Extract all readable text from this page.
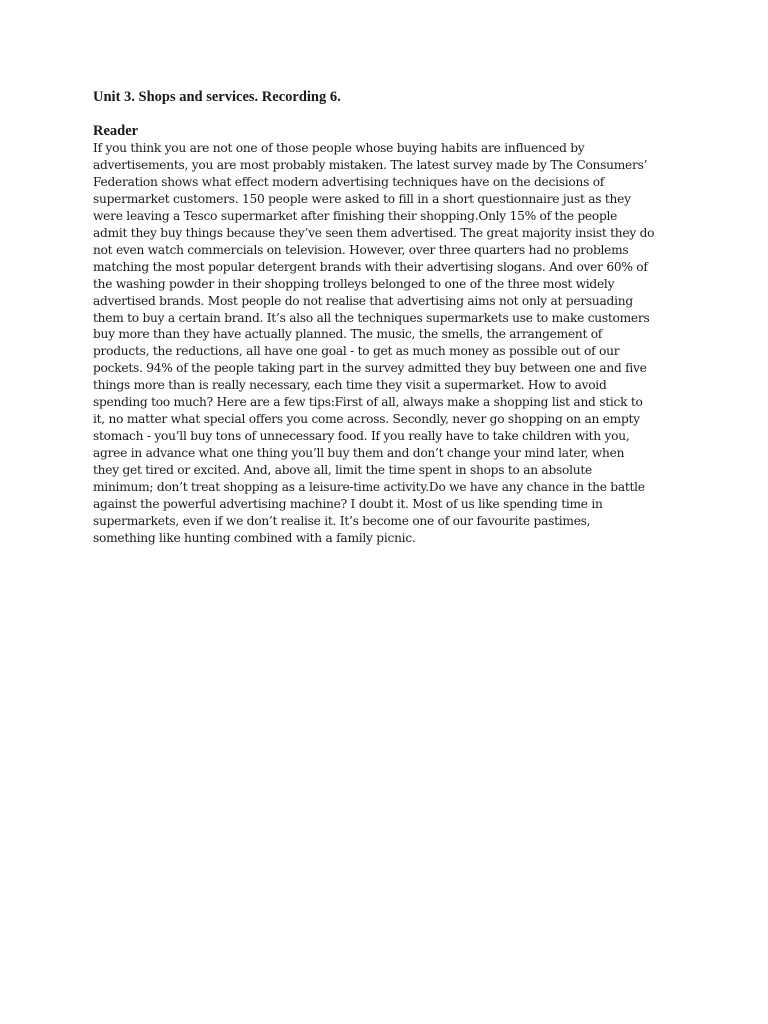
Unit 3. Shops and services. Recording 6.
Reader
If you think you are not one of those people whose buying habits are influenced by
advertisements, you are most probably mistaken. The latest survey made by The Consumers’
Federation shows what effect modern advertising techniques have on the decisions of
supermarket customers. 150 people were asked to fill in a short questionnaire just as they
were leaving a Tesco supermarket after finishing their shopping.Only 15% of the people
admit they buy things because they’ve seen them advertised. The great majority insist they do
not even watch commercials on television. However, over three quarters had no problems
matching the most popular detergent brands with their advertising slogans. And over 60% of
the washing powder in their shopping trolleys belonged to one of the three most widely
advertised brands. Most people do not realise that advertising aims not only at persuading
them to buy a certain brand. It’s also all the techniques supermarkets use to make customers
buy more than they have actually planned. The music, the smells, the arrangement of
products, the reductions, all have one goal - to get as much money as possible out of our
pockets. 94% of the people taking part in the survey admitted they buy between one and five
things more than is really necessary, each time they visit a supermarket. How to avoid
spending too much? Here are a few tips:First of all, always make a shopping list and stick to
it, no matter what special offers you come across. Secondly, never go shopping on an empty
stomach - you’ll buy tons of unnecessary food. If you really have to take children with you,
agree in advance what one thing you’ll buy them and don’t change your mind later, when
they get tired or excited. And, above all, limit the time spent in shops to an absolute
minimum; don’t treat shopping as a leisure-time activity.Do we have any chance in the battle
against the powerful advertising machine? I doubt it. Most of us like spending time in
supermarkets, even if we don’t realise it. It’s become one of our favourite pastimes,
something like hunting combined with a family picnic.
